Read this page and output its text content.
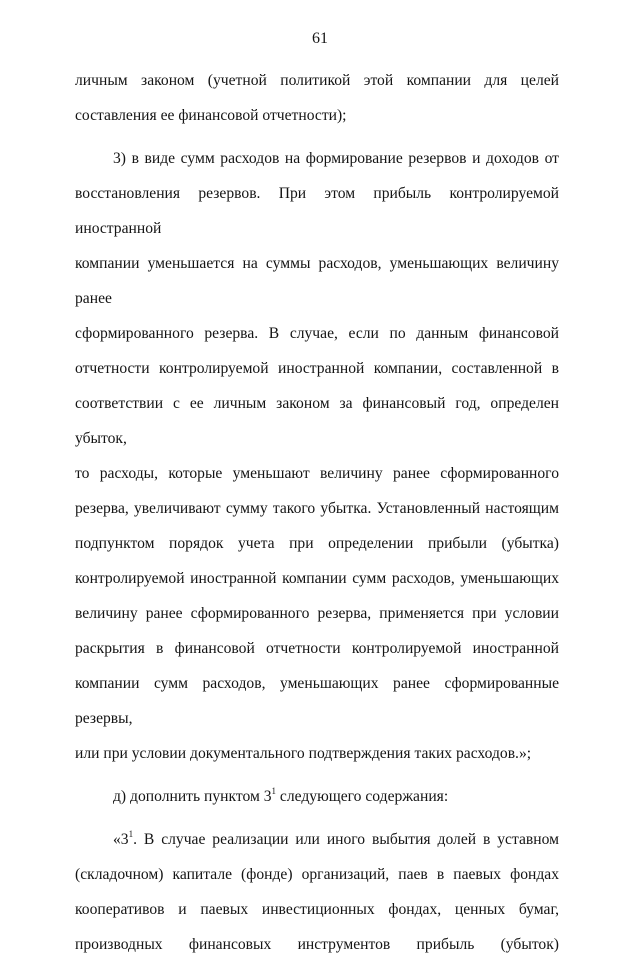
61

личным законом (учетной политикой этой компании для целей

составления ее финансовой отчетности);

3) в виде сумм расходов на формирование резервов и доходов от

восстановления резервов. При этом прибыль контролируемой иностранной

компании уменьшается на суммы расходов, уменьшающих величину ранее

сформированного резерва. В случае, если по данным финансовой

отчетности контролируемой иностранной компании, составленной в

соответствии с ее личным законом за финансовый год, определен убыток,

то расходы, которые уменьшают величину ранее сформированного

резерва, увеличивают сумму такого убытка. Установленный настоящим

подпунктом порядок учета при определении прибыли (убытка)

контролируемой иностранной компании сумм расходов, уменьшающих

величину ранее сформированного резерва, применяется при условии

раскрытия в финансовой отчетности контролируемой иностранной

компании сумм расходов, уменьшающих ранее сформированные резервы,

или при условии документального подтверждения таких расходов.»;

д) дополнить пунктом $3^1$ следующего содержания:

«$3^1$. В случае реализации или иного выбытия долей в уставном

(складочном) капитале (фонде) организаций, паев в паевых фондах

кооперативов и паевых инвестиционных фондах, ценных бумаг,

производных финансовых инструментов прибыль (убыток)
